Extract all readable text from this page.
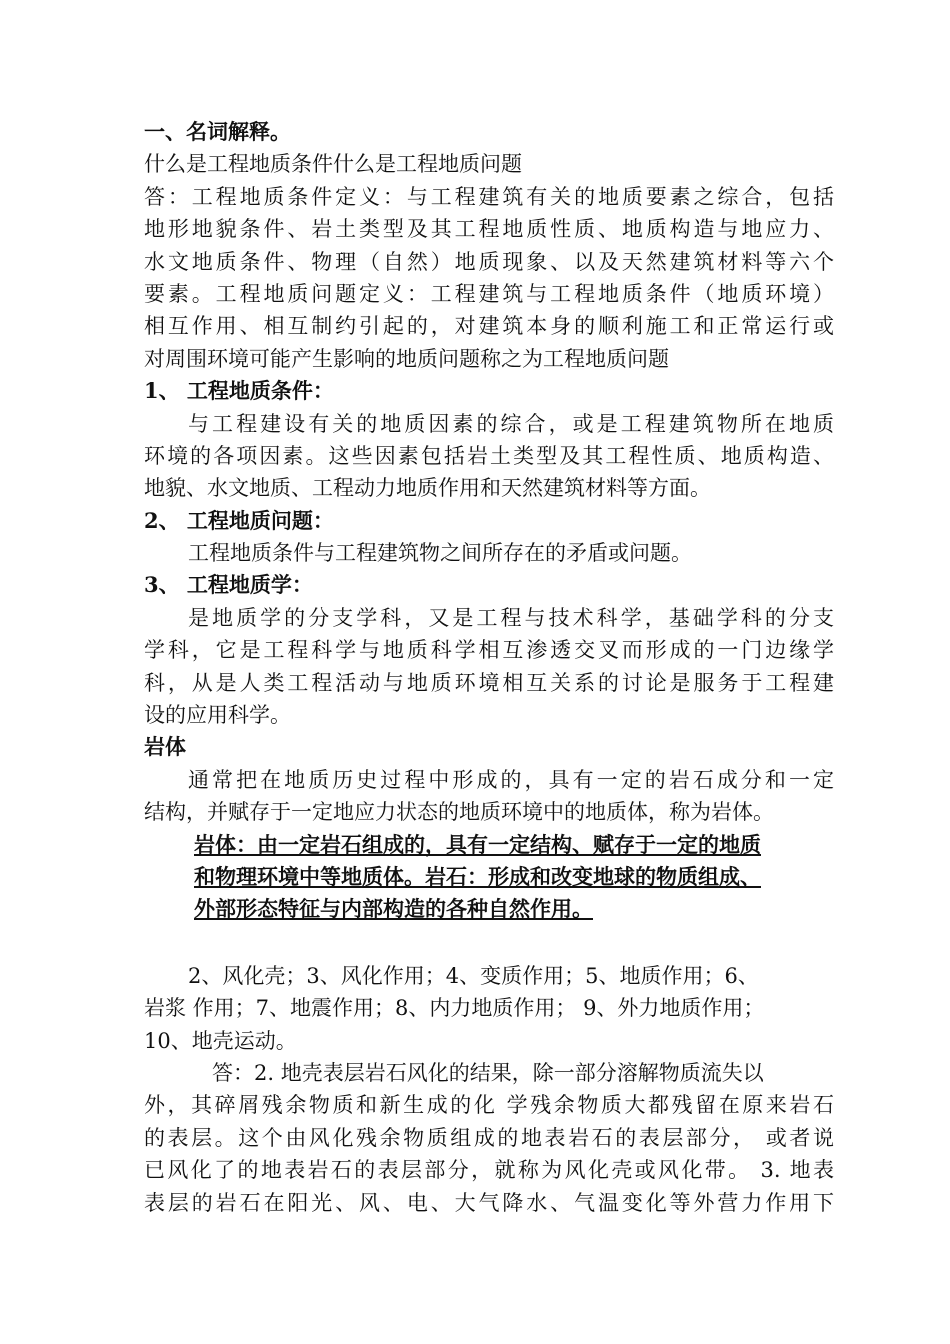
一、名词解释。
什么是工程地质条件什么是工程地质问题
答：工程地质条件定义：与工程建筑有关的地质要素之综合，包括
地形地貌条件、岩土类型及其工程地质性质、地质构造与地应力、
水文地质条件、物理（自然）地质现象、以及天然建筑材料等六个
要素。工程地质问题定义：工程建筑与工程地质条件（地质环境）
相互作用、相互制约引起的，对建筑本身的顺利施工和正常运行或
对周围环境可能产生影响的地质问题称之为工程地质问题
1、 工程地质条件：
与工程建设有关的地质因素的综合，或是工程建筑物所在地质
环境的各项因素。这些因素包括岩土类型及其工程性质、地质构造、
地貌、水文地质、工程动力地质作用和天然建筑材料等方面。
2、 工程地质问题：
工程地质条件与工程建筑物之间所存在的矛盾或问题。
3、 工程地质学：
是地质学的分支学科，又是工程与技术科学，基础学科的分支
学科，它是工程科学与地质科学相互渗透交叉而形成的一门边缘学
科，从是人类工程活动与地质环境相互关系的讨论是服务于工程建
设的应用科学。
岩体
通常把在地质历史过程中形成的，具有一定的岩石成分和一定
结构，并赋存于一定地应力状态的地质环境中的地质体，称为岩体。
岩体：由一定岩石组成的，具有一定结构、赋存于一定的地质
和物理环境中等地质体。岩石：形成和改变地球的物质组成、
外部形态特征与内部构造的各种自然作用。
2、风化壳；3、风化作用；4、变质作用；5、地质作用；6、
岩浆 作用；7、地震作用；8、内力地质作用； 9、外力地质作用；
10、地壳运动。
答：2. 地壳表层岩石风化的结果，除一部分溶解物质流失以
外，其碎屑残余物质和新生成的化 学残余物质大都残留在原来岩石
的表层。这个由风化残余物质组成的地表岩石的表层部分， 或者说
已风化了的地表岩石的表层部分，就称为风化壳或风化带。 3. 地表
表层的岩石在阳光、风、电、大气降水、气温变化等外营力作用下
